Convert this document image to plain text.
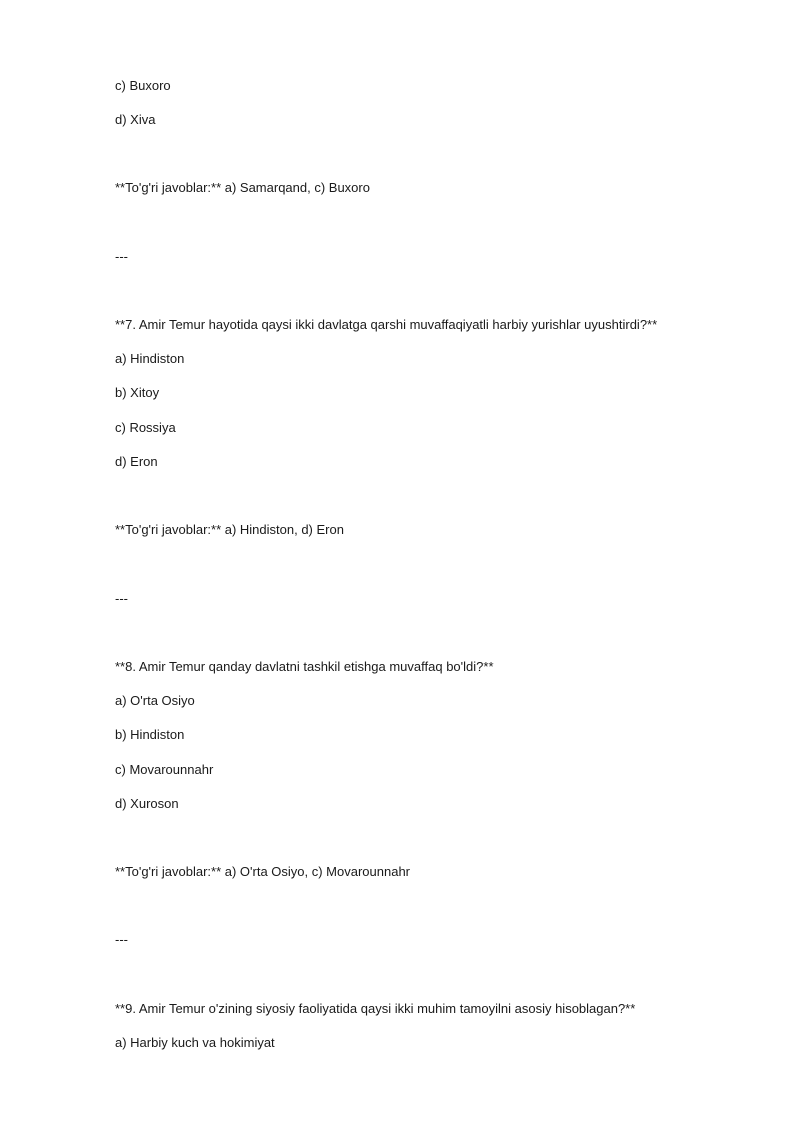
c) Buxoro
d) Xiva
**To'g'ri javoblar:** a) Samarqand, c) Buxoro
---
**7. Amir Temur hayotida qaysi ikki davlatga qarshi muvaffaqiyatli harbiy yurishlar uyushtirdi?**
a) Hindiston
b) Xitoy
c) Rossiya
d) Eron
**To'g'ri javoblar:** a) Hindiston, d) Eron
---
**8. Amir Temur qanday davlatni tashkil etishga muvaffaq bo'ldi?**
a) O'rta Osiyo
b) Hindiston
c) Movarounnahr
d) Xuroson
**To'g'ri javoblar:** a) O'rta Osiyo, c) Movarounnahr
---
**9. Amir Temur o'zining siyosiy faoliyatida qaysi ikki muhim tamoyilni asosiy hisoblagan?**
a) Harbiy kuch va hokimiyat
